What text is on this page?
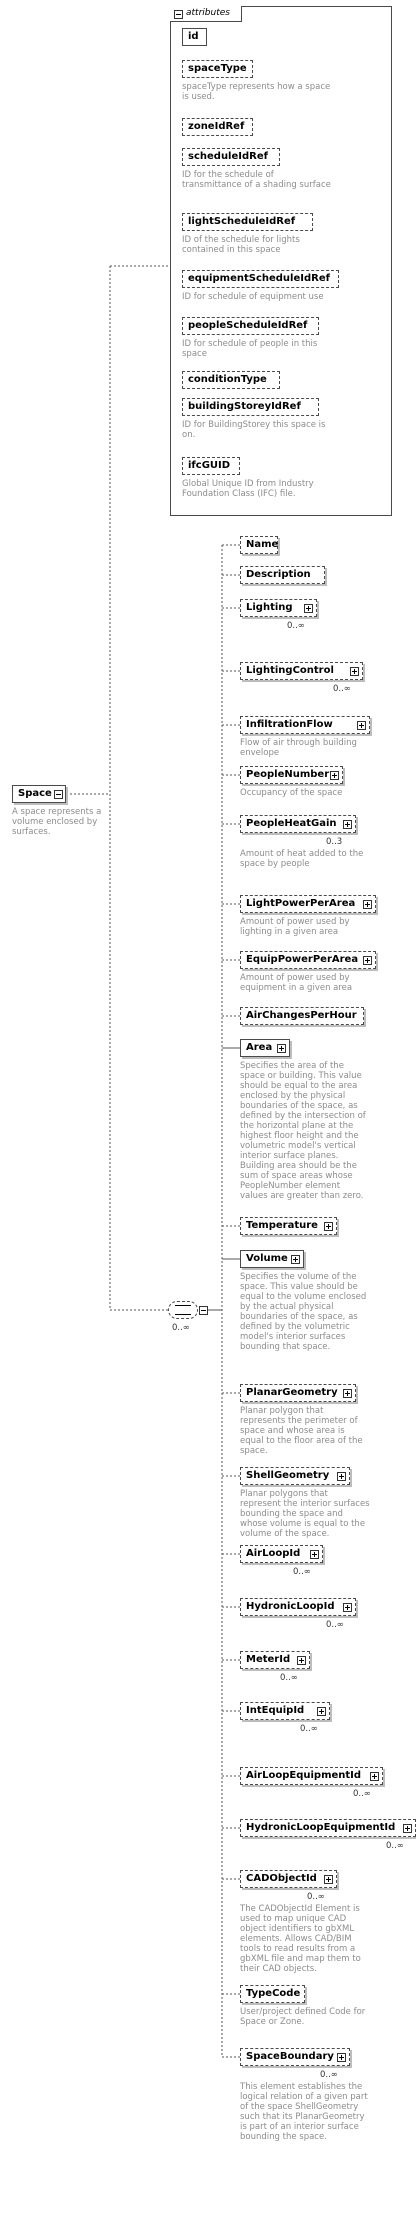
attributes
id
spaceType
spaceType represents how a space is used.
zoneIdRef
scheduleIdRef
ID for the schedule of transmittance of a shading surface
lightScheduleIdRef
ID of the schedule for lights contained in this space
equipmentScheduleIdRef
ID for schedule of equipment use
peopleScheduleIdRef
ID for schedule of people in this space
conditionType
buildingStoreyIdRef
ID for BuildingStorey this space is on.
ifcGUID
Global Unique ID from Industry Foundation Class (IFC) file.
Space
A space represents a volume enclosed by surfaces.
0..∞
Name
Description
Lighting
0..∞
LightingControl
0..∞
InfiltrationFlow
Flow of air through building envelope
PeopleNumber
Occupancy of the space
PeopleHeatGain
0..3
Amount of heat added to the space by people
LightPowerPerArea
Amount of power used by lighting in a given area
EquipPowerPerArea
Amount of power used by equipment in a given area
AirChangesPerHour
Area
Specifies the area of the space or building. This value should be equal to the area enclosed by the physical boundaries of the space, as defined by the intersection of the horizontal plane at the highest floor height and the volumetric model's vertical interior surface planes. Building area should be the sum of space areas whose PeopleNumber element values are greater than zero.
Temperature
Volume
Specifies the volume of the space. This value should be equal to the volume enclosed by the actual physical boundaries of the space, as defined by the volumetric model's interior surfaces bounding that space.
PlanarGeometry
Planar polygon that represents the perimeter of space and whose area is equal to the floor area of the space.
ShellGeometry
Planar polygons that represent the interior surfaces bounding the space and whose volume is equal to the volume of the space.
AirLoopId
0..∞
HydronicLoopId
0..∞
MeterId
0..∞
IntEquipId
0..∞
AirLoopEquipmentId
0..∞
HydronicLoopEquipmentId
0..∞
CADObjectId
0..∞
The CADObjectId Element is used to map unique CAD object identifiers to gbXML elements. Allows CAD/BIM tools to read results from a gbXML file and map them to their CAD objects.
TypeCode
User/project defined Code for Space or Zone.
SpaceBoundary
0..∞
This element establishes the logical relation of a given part of the space ShellGeometry such that its PlanarGeometry is part of an interior surface bounding the space.
